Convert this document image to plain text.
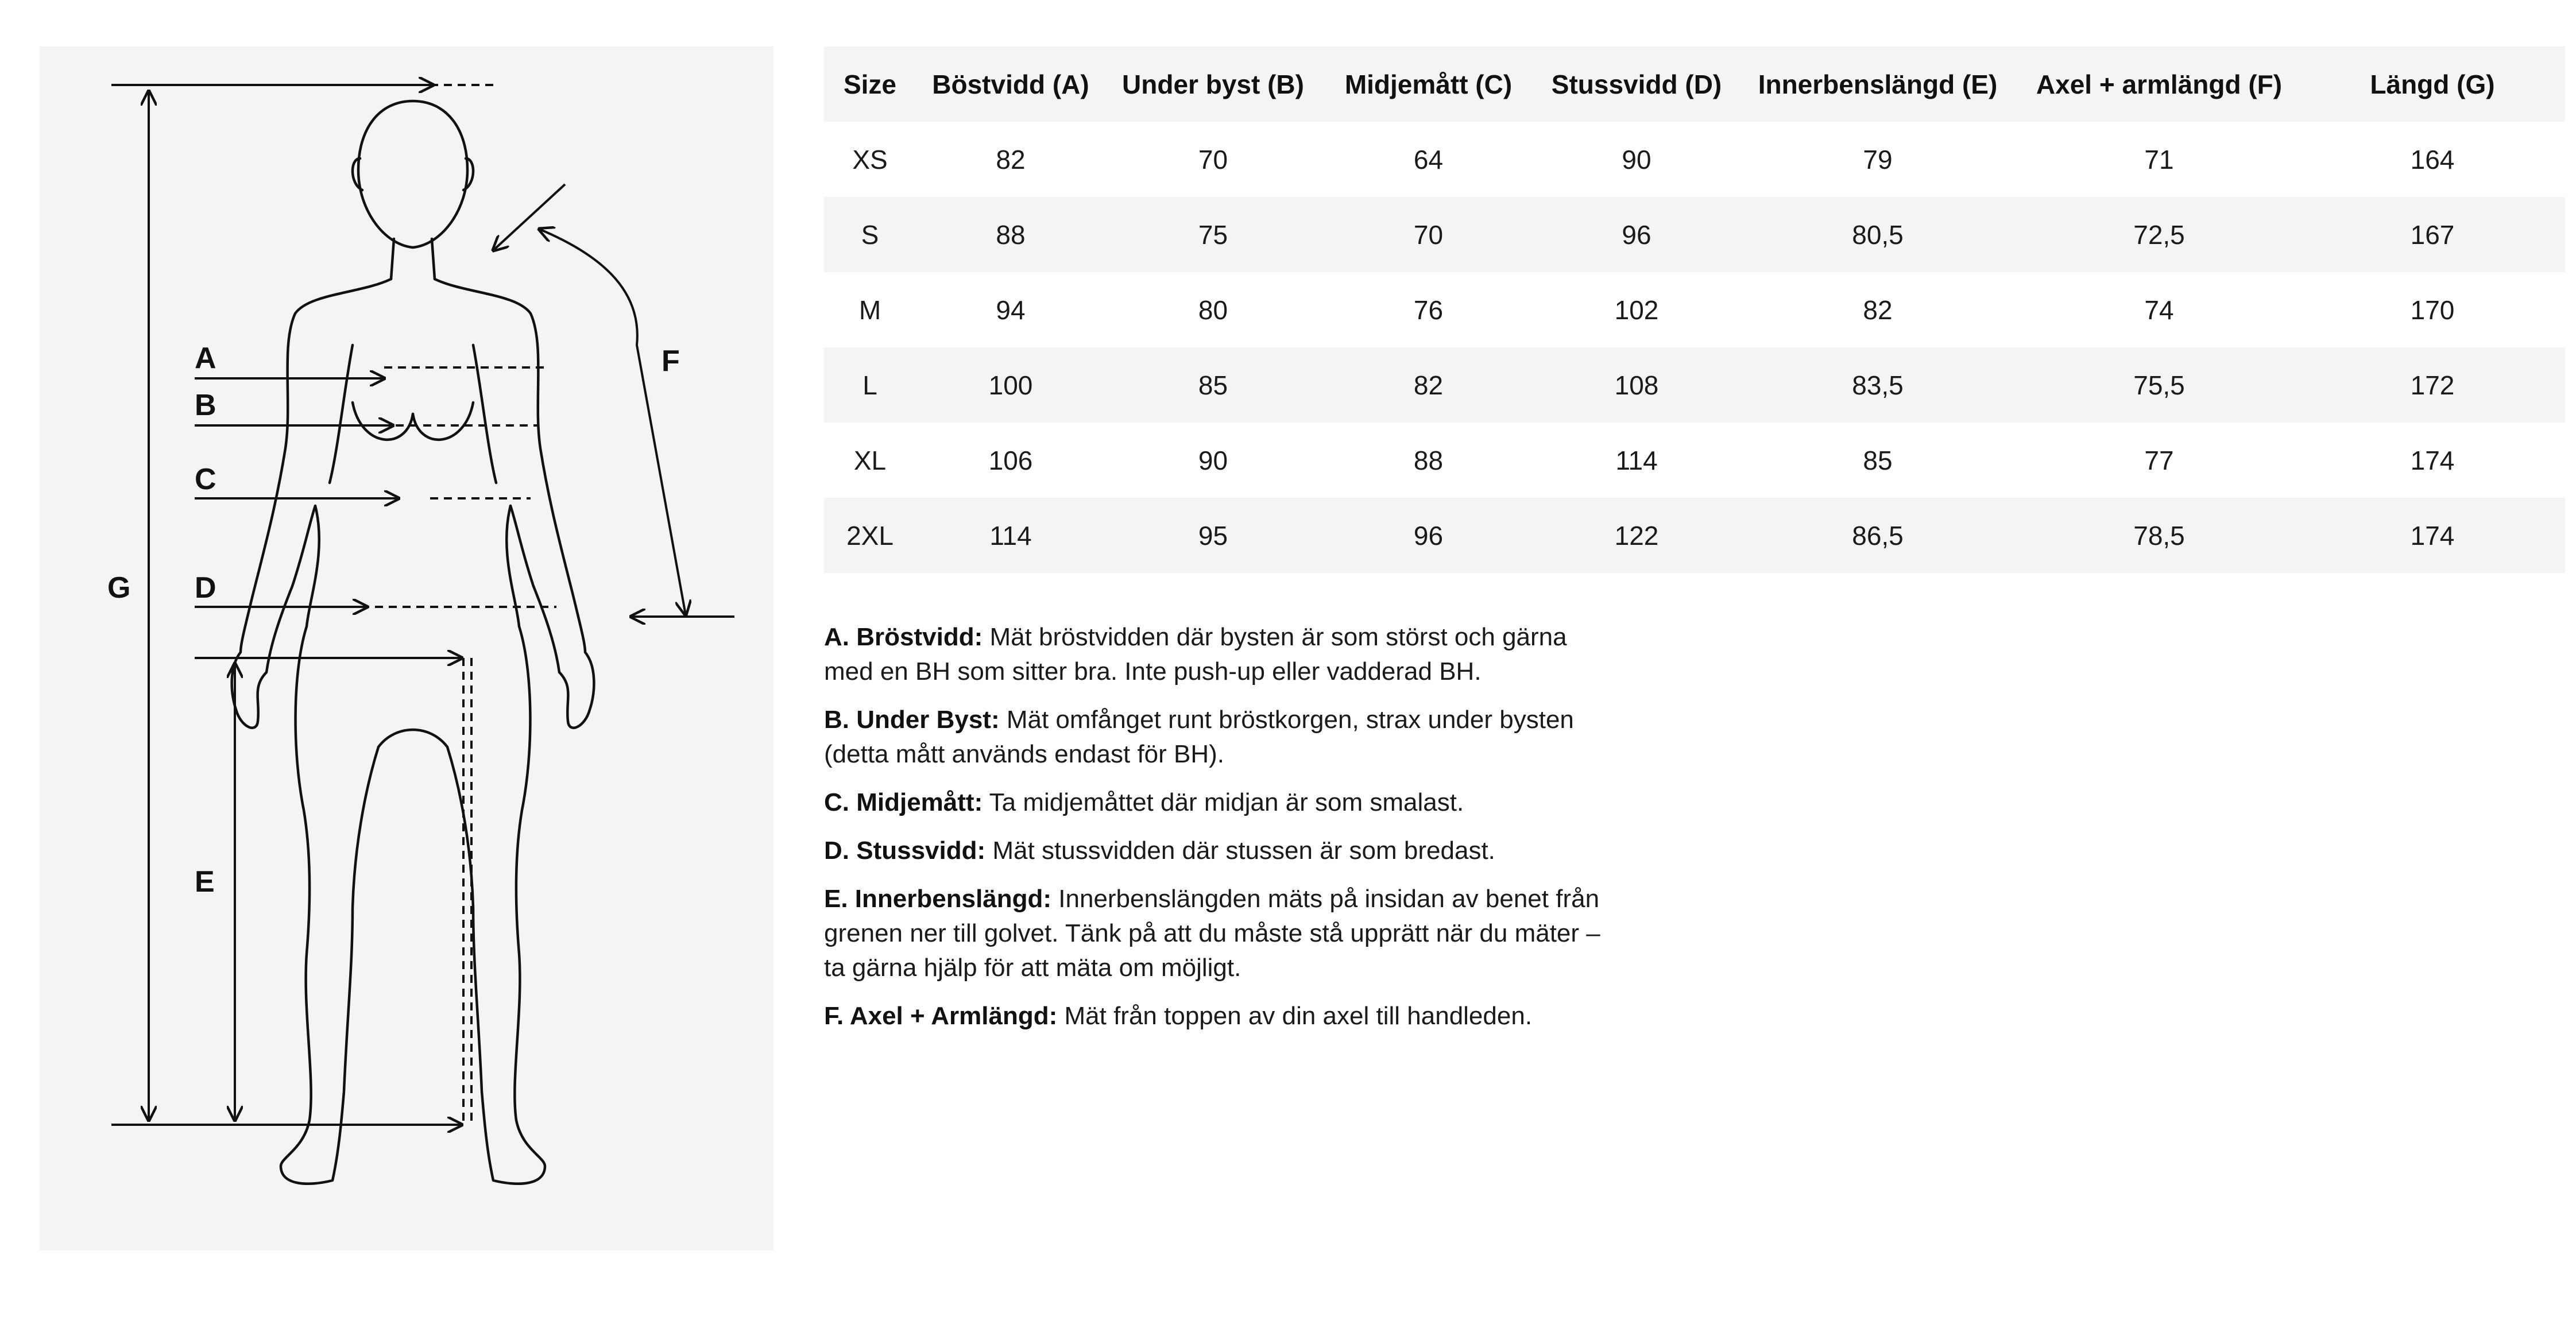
A
B
C
D
E
F
G
Size	Böstvidd (A)	Under byst (B)	Midjemått (C)	Stussvidd (D)	Innerbenslängd (E)	Axel + armlängd (F)	Längd (G)
XS	82	70	64	90	79	71	164
S	88	75	70	96	80,5	72,5	167
M	94	80	76	102	82	74	170
L	100	85	82	108	83,5	75,5	172
XL	106	90	88	114	85	77	174
2XL	114	95	96	122	86,5	78,5	174

A. Bröstvidd: Mät bröstvidden där bysten är som störst och gärna med en BH som sitter bra. Inte push-up eller vadderad BH.

B. Under Byst: Mät omfånget runt bröstkorgen, strax under bysten (detta mått används endast för BH).

C. Midjemått: Ta midjemåttet där midjan är som smalast.

D. Stussvidd: Mät stussvidden där stussen är som bredast.

E. Innerbenslängd: Innerbenslängden mäts på insidan av benet från grenen ner till golvet. Tänk på att du måste stå upprätt när du mäter – ta gärna hjälp för att mäta om möjligt.

F. Axel + Armlängd: Mät från toppen av din axel till handleden.
